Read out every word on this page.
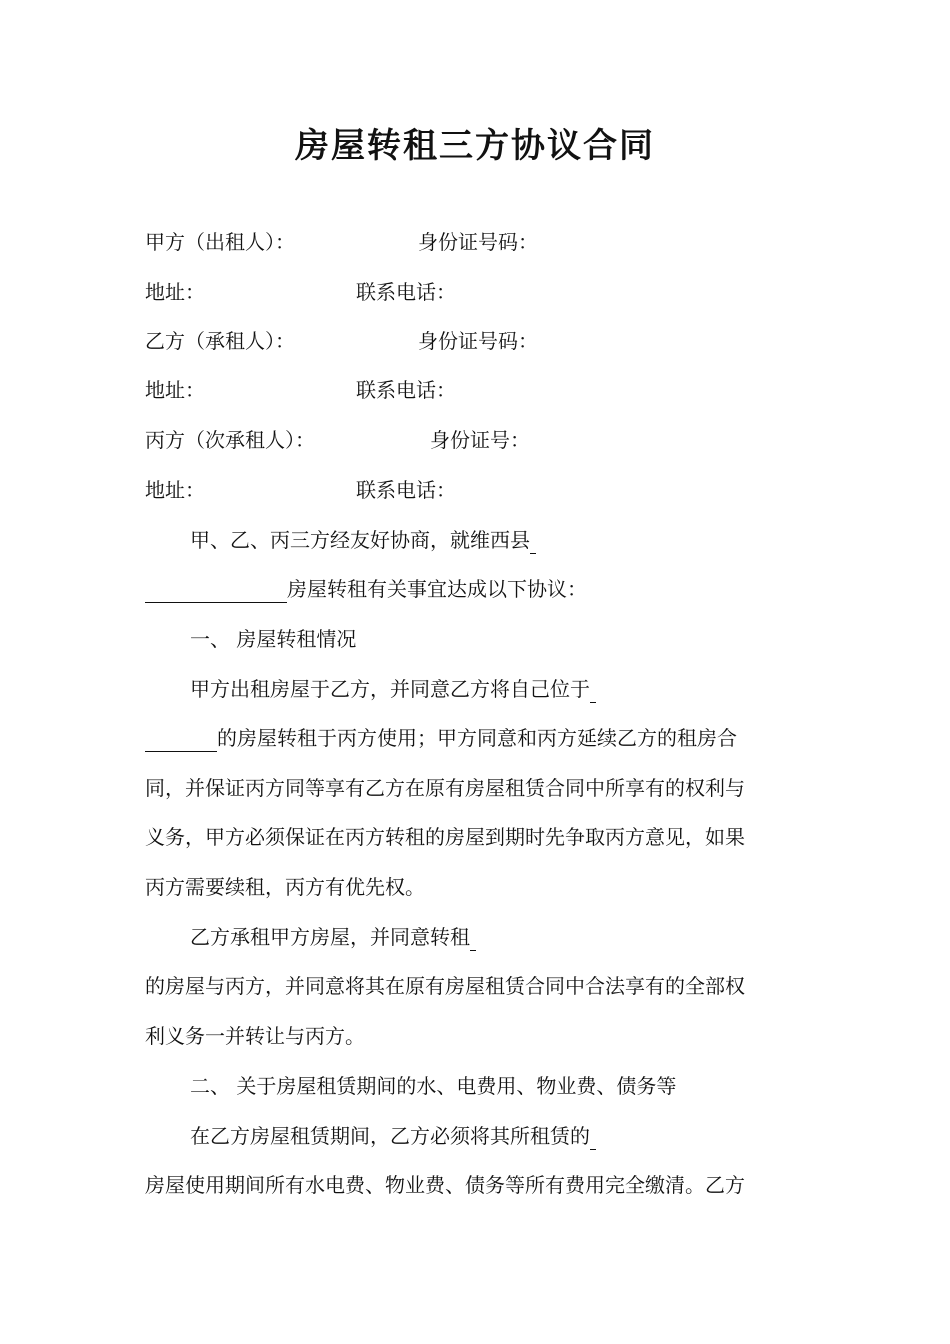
房屋转租三方协议合同
甲方（出租人）：	身份证号码：
地址：	联系电话：
乙方（承租人）：	身份证号码：
地址：	联系电话：
丙方（次承租人）：	身份证号：
地址：	联系电话：
甲、乙、丙三方经友好协商，就维西县
房屋转租有关事宜达成以下协议：
一、 房屋转租情况
甲方出租房屋于乙方，并同意乙方将自己位于
的房屋转租于丙方使用；甲方同意和丙方延续乙方的租房合
同，并保证丙方同等享有乙方在原有房屋租赁合同中所享有的权利与
义务，甲方必须保证在丙方转租的房屋到期时先争取丙方意见，如果
丙方需要续租，丙方有优先权。
乙方承租甲方房屋，并同意转租
的房屋与丙方，并同意将其在原有房屋租赁合同中合法享有的全部权
利义务一并转让与丙方。
二、 关于房屋租赁期间的水、电费用、物业费、债务等
在乙方房屋租赁期间，乙方必须将其所租赁的
房屋使用期间所有水电费、物业费、债务等所有费用完全缴清。乙方
